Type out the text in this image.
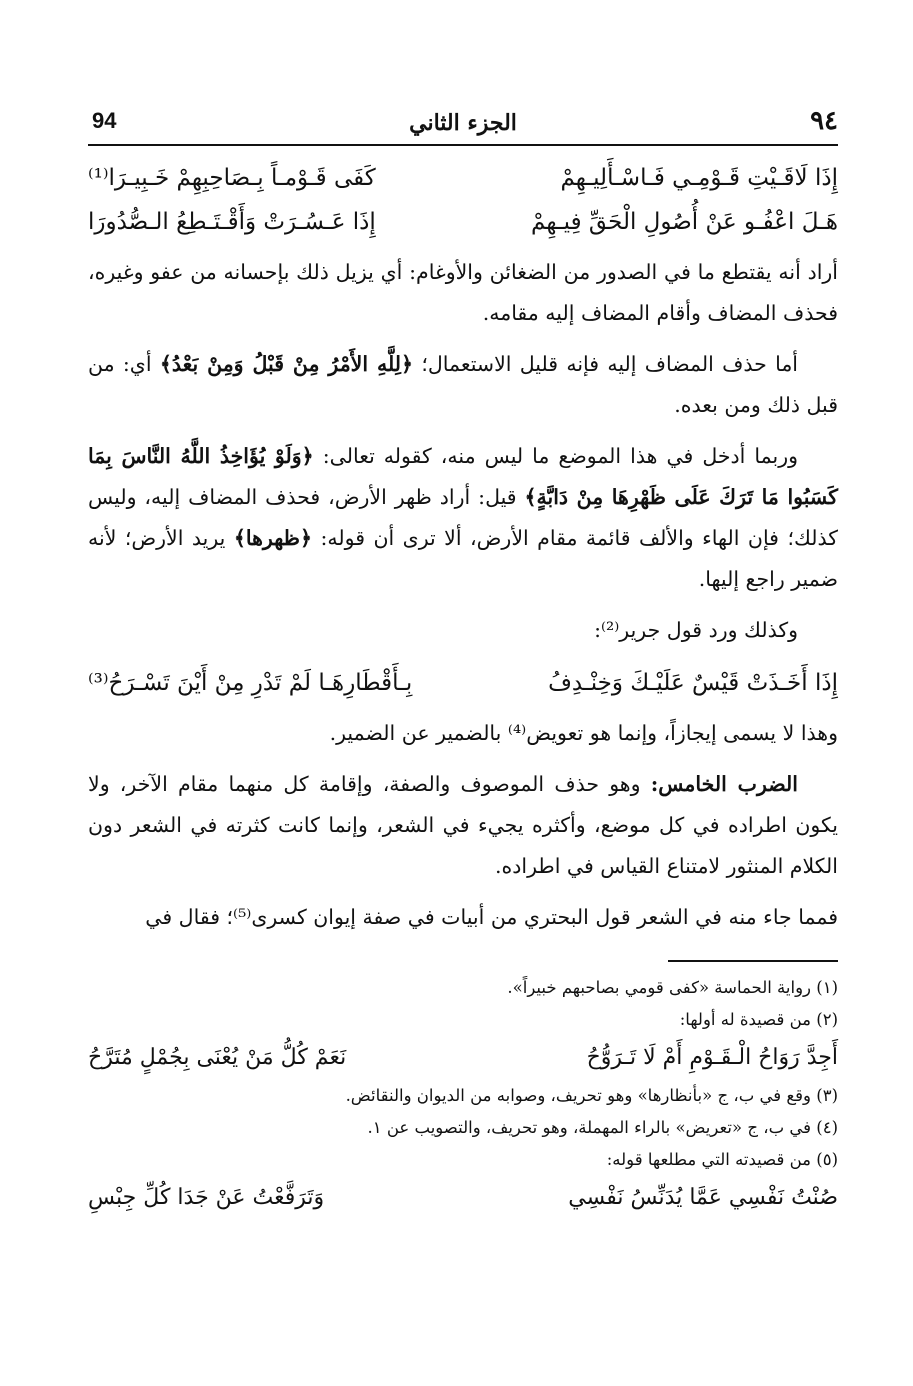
٩٤
الجزء الثاني
94
إِذَا لَاقَـيْتِ قَـوْمِـي فَـاسْـأَلِيـهِمْ
كَفَى قَـوْمـاً بِـصَاحِبِهِمْ خَـبِيـرَا⁽¹⁾
هَـلَ اعْفُـو عَنْ أُصُولِ الْحَقِّ فِيـهِمْ
إِذَا عَـسُـرَتْ وَأَقْـتَـطِعُ الـصُّدُورَا

أراد أنه يقتطع ما في الصدور من الضغائن والأوغام: أي يزيل ذلك بإحسانه من عفو وغيره، فحذف المضاف وأقام المضاف إليه مقامه.

أما حذف المضاف إليه فإنه قليل الاستعمال؛ ﴿لِلَّهِ الأَمْرُ مِنْ قَبْلُ وَمِنْ بَعْدُ﴾ أي: من قبل ذلك ومن بعده.

وربما أدخل في هذا الموضع ما ليس منه، كقوله تعالى: ﴿وَلَوْ يُؤَاخِذُ اللَّهُ النَّاسَ بِمَا كَسَبُوا مَا تَرَكَ عَلَى ظَهْرِهَا مِنْ دَابَّةٍ﴾ قيل: أراد ظهر الأرض، فحذف المضاف إليه، وليس كذلك؛ فإن الهاء والألف قائمة مقام الأرض، ألا ترى أن قوله: ﴿ظهرها﴾ يريد الأرض؛ لأنه ضمير راجع إليها.

وكذلك ورد قول جرير⁽²⁾:

إِذَا أَخَـذَتْ قَيْسٌ عَلَيْـكَ وَخِنْـدِفُ
بِـأَقْطَارِهَـا لَمْ تَدْرِ مِنْ أَيْنَ تَسْـرَحُ⁽³⁾

وهذا لا يسمى إيجازاً، وإنما هو تعويض⁽⁴⁾ بالضمير عن الضمير.

الضرب الخامس: وهو حذف الموصوف والصفة، وإقامة كل منهما مقام الآخر، ولا يكون اطراده في كل موضع، وأكثره يجيء في الشعر، وإنما كانت كثرته في الشعر دون الكلام المنثور لامتناع القياس في اطراده.

فمما جاء منه في الشعر قول البحتري من أبيات في صفة إيوان كسرى⁽⁵⁾؛ فقال في

(١) رواية الحماسة «كفى قومي بصاحبهم خبيراً».
(٢) من قصيدة له أولها:
أَجِدَّ رَوَاحُ الْـقَـوْمِ أَمْ لَا تَـرَوُّحُ
نَعَمْ كُلُّ مَنْ يُعْنَى بِجُمْلٍ مُتَرَّحُ
(٣) وقع في ب، ج «بأنظارها» وهو تحريف، وصوابه من الديوان والنقائض.
(٤) في ب، ج «تعريض» بالراء المهملة، وهو تحريف، والتصويب عن ١.
(٥) من قصيدته التي مطلعها قوله:
صُنْتُ نَفْسِي عَمَّا يُدَنِّسُ نَفْسِي
وَتَرَفَّعْتُ عَنْ جَدَا كُلِّ جِبْسِ
